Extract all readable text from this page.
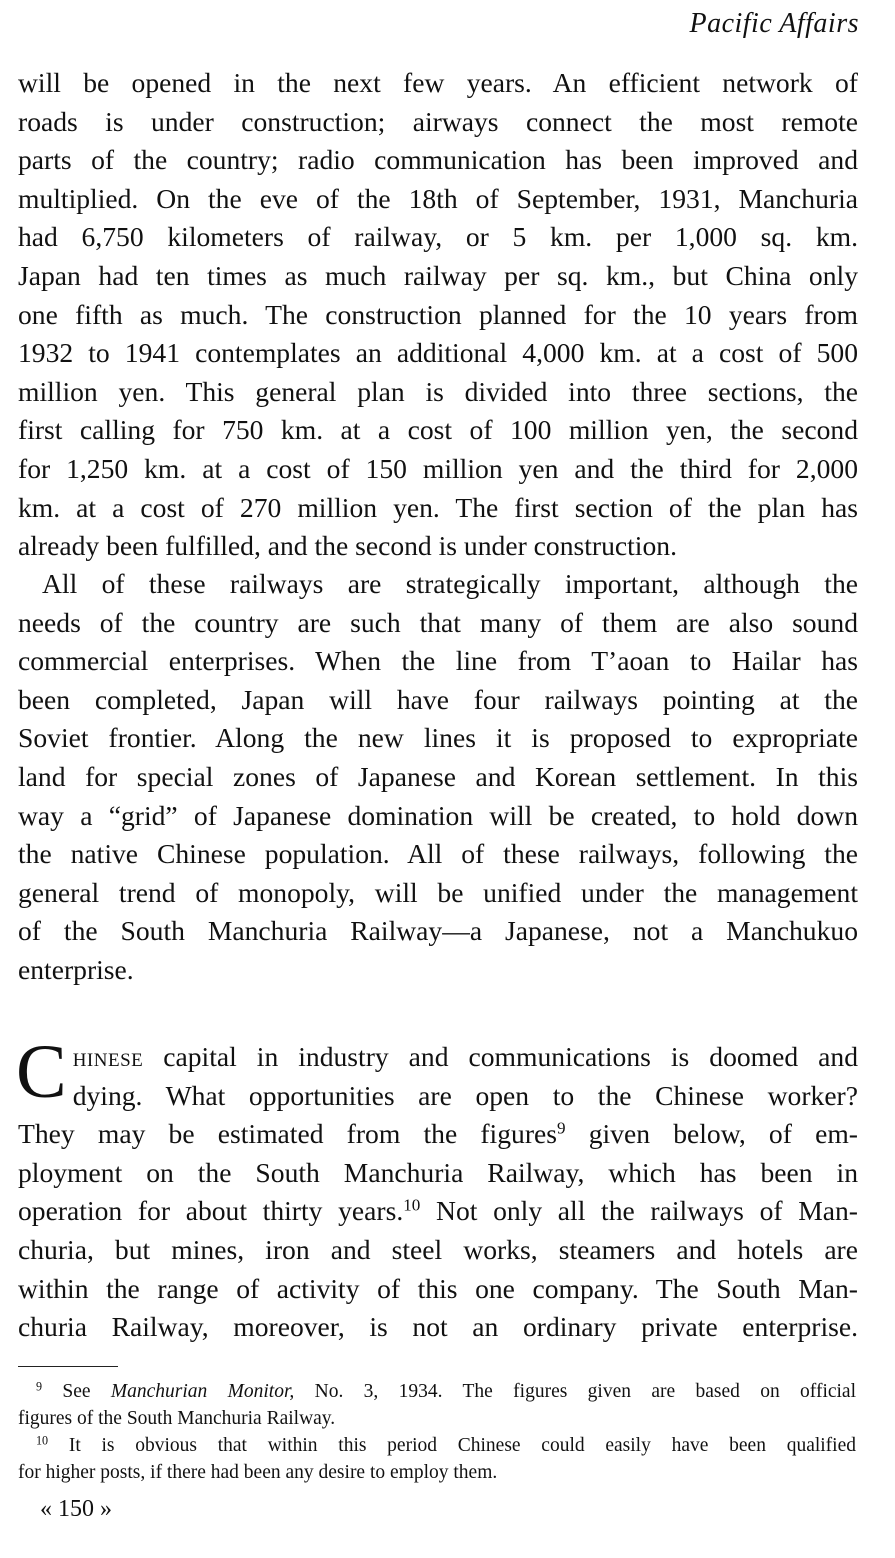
Pacific Affairs
will be opened in the next few years. An efficient network of
roads is under construction; airways connect the most remote
parts of the country; radio communication has been improved and
multiplied. On the eve of the 18th of September, 1931, Manchuria
had 6,750 kilometers of railway, or 5 km. per 1,000 sq. km.
Japan had ten times as much railway per sq. km., but China only
one fifth as much. The construction planned for the 10 years from
1932 to 1941 contemplates an additional 4,000 km. at a cost of 500
million yen. This general plan is divided into three sections, the
first calling for 750 km. at a cost of 100 million yen, the second
for 1,250 km. at a cost of 150 million yen and the third for 2,000
km. at a cost of 270 million yen. The first section of the plan has
already been fulfilled, and the second is under construction.
All of these railways are strategically important, although the
needs of the country are such that many of them are also sound
commercial enterprises. When the line from T’aoan to Hailar has
been completed, Japan will have four railways pointing at the
Soviet frontier. Along the new lines it is proposed to expropriate
land for special zones of Japanese and Korean settlement. In this
way a “grid” of Japanese domination will be created, to hold down
the native Chinese population. All of these railways, following the
general trend of monopoly, will be unified under the management
of the South Manchuria Railway—a Japanese, not a Manchukuo
enterprise.
C hinese capital in industry and communications is doomed and
dying. What opportunities are open to the Chinese worker?
They may be estimated from the figures$^9$ given below, of em-
ployment on the South Manchuria Railway, which has been in
operation for about thirty years.$^{10}$ Not only all the railways of Man-
churia, but mines, iron and steel works, steamers and hotels are
within the range of activity of this one company. The South Man-
churia Railway, moreover, is not an ordinary private enterprise.
$^9$ See Manchurian Monitor, No. 3, 1934. The figures given are based on official
figures of the South Manchuria Railway.
$^{10}$ It is obvious that within this period Chinese could easily have been qualified
for higher posts, if there had been any desire to employ them.
« 150 »
